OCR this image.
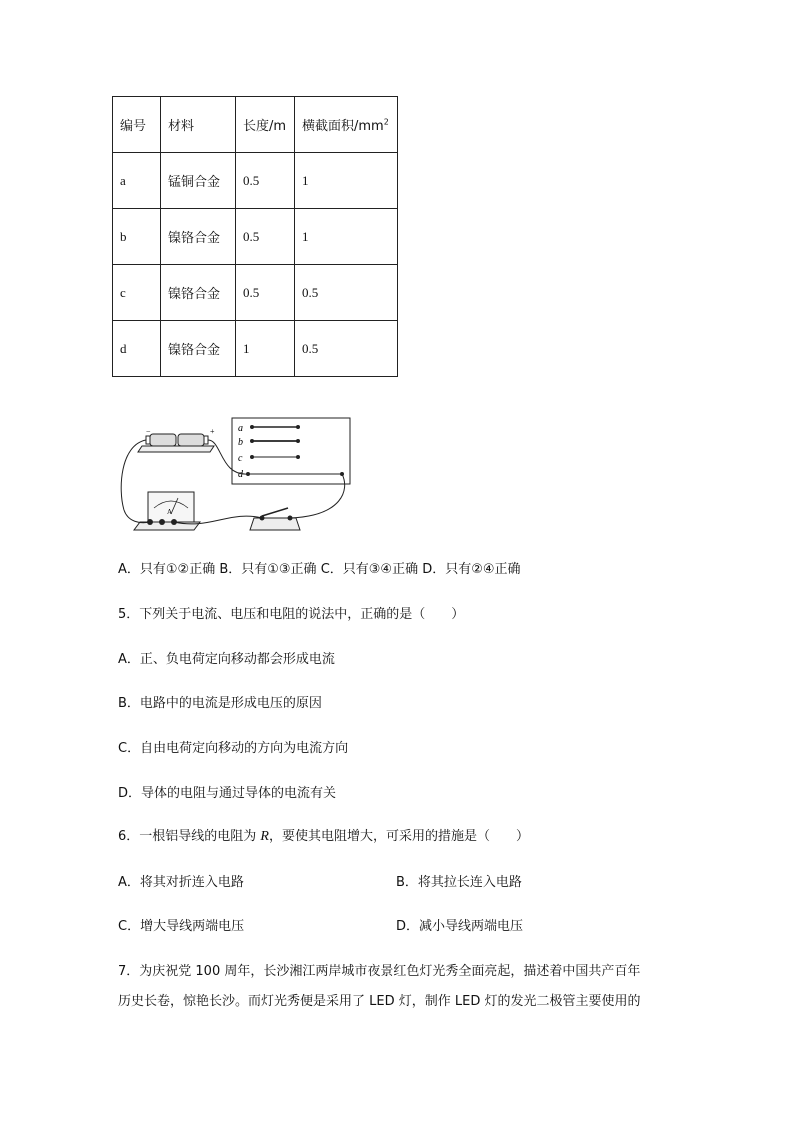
编号	材料	长度/m	横截面积$/mm^2$
a	锰铜合金	0.5	1
b	镍铬合金	0.5	1
c	镍铬合金	0.5	0.5
d	镍铬合金	1	0.5
−	+ a
b
c
d
A
A．只有①②正确 B．只有①③正确 C．只有③④正确 D．只有②④正确
5．下列关于电流、电压和电阻的说法中，正确的是（　　）
A．正、负电荷定向移动都会形成电流
B．电路中的电流是形成电压的原因
C．自由电荷定向移动的方向为电流方向
D．导体的电阻与通过导体的电流有关
6．一根铝导线的电阻为 R，要使其电阻增大，可采用的措施是（　　）
A．将其对折连入电路	B．将其拉长连入电路
C．增大导线两端电压	D．减小导线两端电压
7．为庆祝党 100 周年，长沙湘江两岸城市夜景红色灯光秀全面亮起，描述着中国共产百年
历史长卷，惊艳长沙。而灯光秀便是采用了 LED 灯，制作 LED 灯的发光二极管主要使用的
